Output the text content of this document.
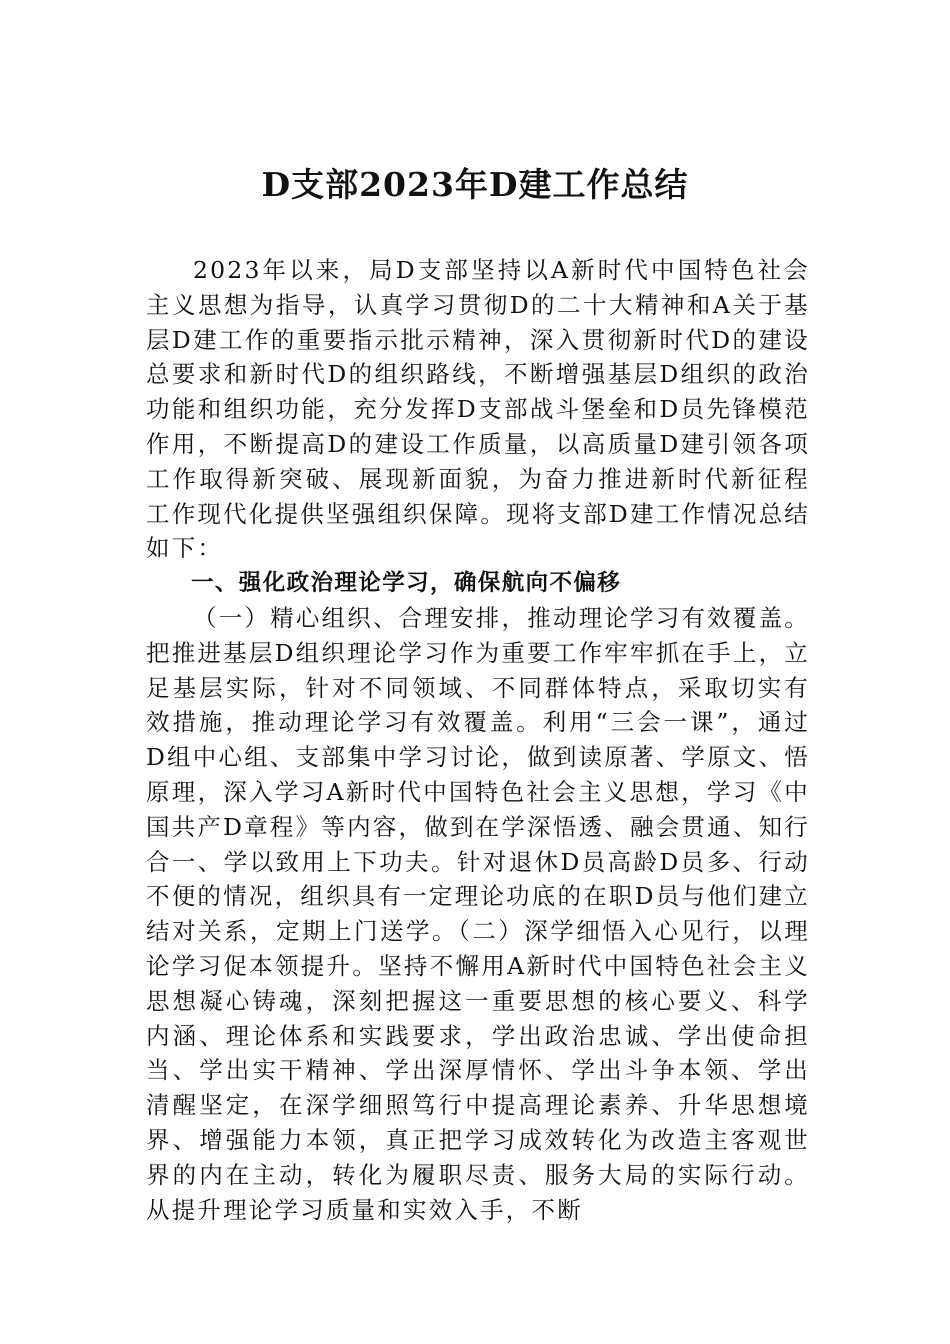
D支部2023年D建工作总结

2023年以来，局D支部坚持以A新时代中国特色社会主义思想为指导，认真学习贯彻D的二十大精神和A关于基层D建工作的重要指示批示精神，深入贯彻新时代D的建设总要求和新时代D的组织路线，不断增强基层D组织的政治功能和组织功能，充分发挥D支部战斗堡垒和D员先锋模范作用，不断提高D的建设工作质量，以高质量D建引领各项工作取得新突破、展现新面貌，为奋力推进新时代新征程工作现代化提供坚强组织保障。现将支部D建工作情况总结如下：

一、强化政治理论学习，确保航向不偏移

（一）精心组织、合理安排，推动理论学习有效覆盖。把推进基层D组织理论学习作为重要工作牢牢抓在手上，立足基层实际，针对不同领域、不同群体特点，采取切实有效措施，推动理论学习有效覆盖。利用“三会一课”，通过D组中心组、支部集中学习讨论，做到读原著、学原文、悟原理，深入学习A新时代中国特色社会主义思想，学习《中国共产D章程》等内容，做到在学深悟透、融会贯通、知行合一、学以致用上下功夫。针对退休D员高龄D员多、行动不便的情况，组织具有一定理论功底的在职D员与他们建立结对关系，定期上门送学。（二）深学细悟入心见行，以理论学习促本领提升。坚持不懈用A新时代中国特色社会主义思想凝心铸魂，深刻把握这一重要思想的核心要义、科学内涵、理论体系和实践要求，学出政治忠诚、学出使命担当、学出实干精神、学出深厚情怀、学出斗争本领、学出清醒坚定，在深学细照笃行中提高理论素养、升华思想境界、增强能力本领，真正把学习成效转化为改造主客观世界的内在主动，转化为履职尽责、服务大局的实际行动。从提升理论学习质量和实效入手，不断
